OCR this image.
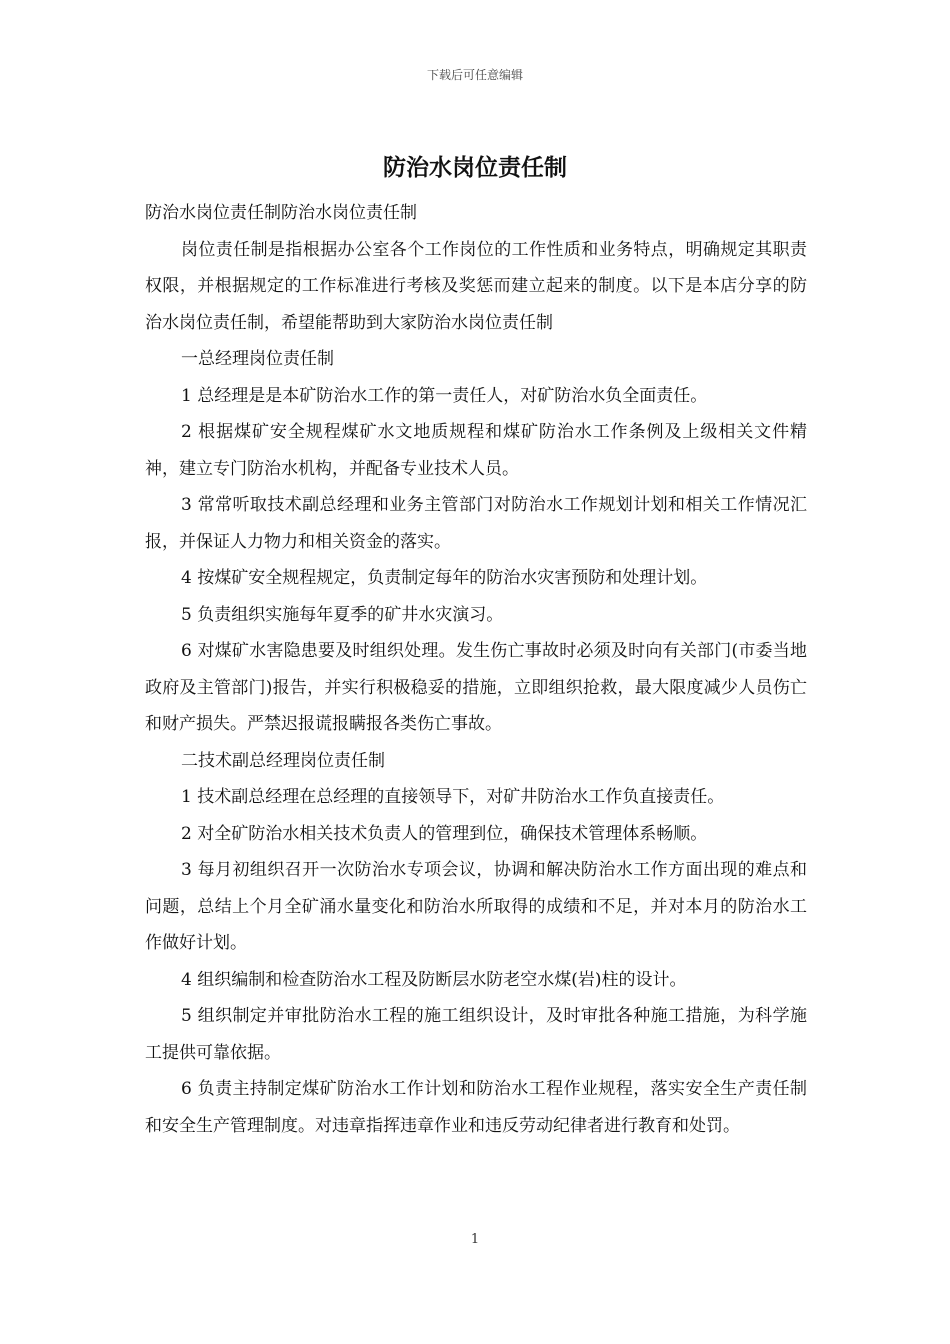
下载后可任意编辑
防治水岗位责任制

防治水岗位责任制防治水岗位责任制

岗位责任制是指根据办公室各个工作岗位的工作性质和业务特点，明确规定其职责权限，并根据规定的工作标准进行考核及奖惩而建立起来的制度。以下是本店分享的防治水岗位责任制，希望能帮助到大家防治水岗位责任制

一总经理岗位责任制

1 总经理是是本矿防治水工作的第一责任人，对矿防治水负全面责任。

2 根据煤矿安全规程煤矿水文地质规程和煤矿防治水工作条例及上级相关文件精神，建立专门防治水机构，并配备专业技术人员。

3 常常听取技术副总经理和业务主管部门对防治水工作规划计划和相关工作情况汇报，并保证人力物力和相关资金的落实。

4 按煤矿安全规程规定，负责制定每年的防治水灾害预防和处理计划。

5 负责组织实施每年夏季的矿井水灾演习。

6 对煤矿水害隐患要及时组织处理。发生伤亡事故时必须及时向有关部门(市委当地政府及主管部门)报告，并实行积极稳妥的措施，立即组织抢救，最大限度减少人员伤亡和财产损失。严禁迟报谎报瞒报各类伤亡事故。

二技术副总经理岗位责任制

1 技术副总经理在总经理的直接领导下，对矿井防治水工作负直接责任。

2 对全矿防治水相关技术负责人的管理到位，确保技术管理体系畅顺。

3 每月初组织召开一次防治水专项会议，协调和解决防治水工作方面出现的难点和问题，总结上个月全矿涌水量变化和防治水所取得的成绩和不足，并对本月的防治水工作做好计划。

4 组织编制和检查防治水工程及防断层水防老空水煤(岩)柱的设计。

5 组织制定并审批防治水工程的施工组织设计，及时审批各种施工措施，为科学施工提供可靠依据。

6 负责主持制定煤矿防治水工作计划和防治水工程作业规程，落实安全生产责任制和安全生产管理制度。对违章指挥违章作业和违反劳动纪律者进行教育和处罚。

1
